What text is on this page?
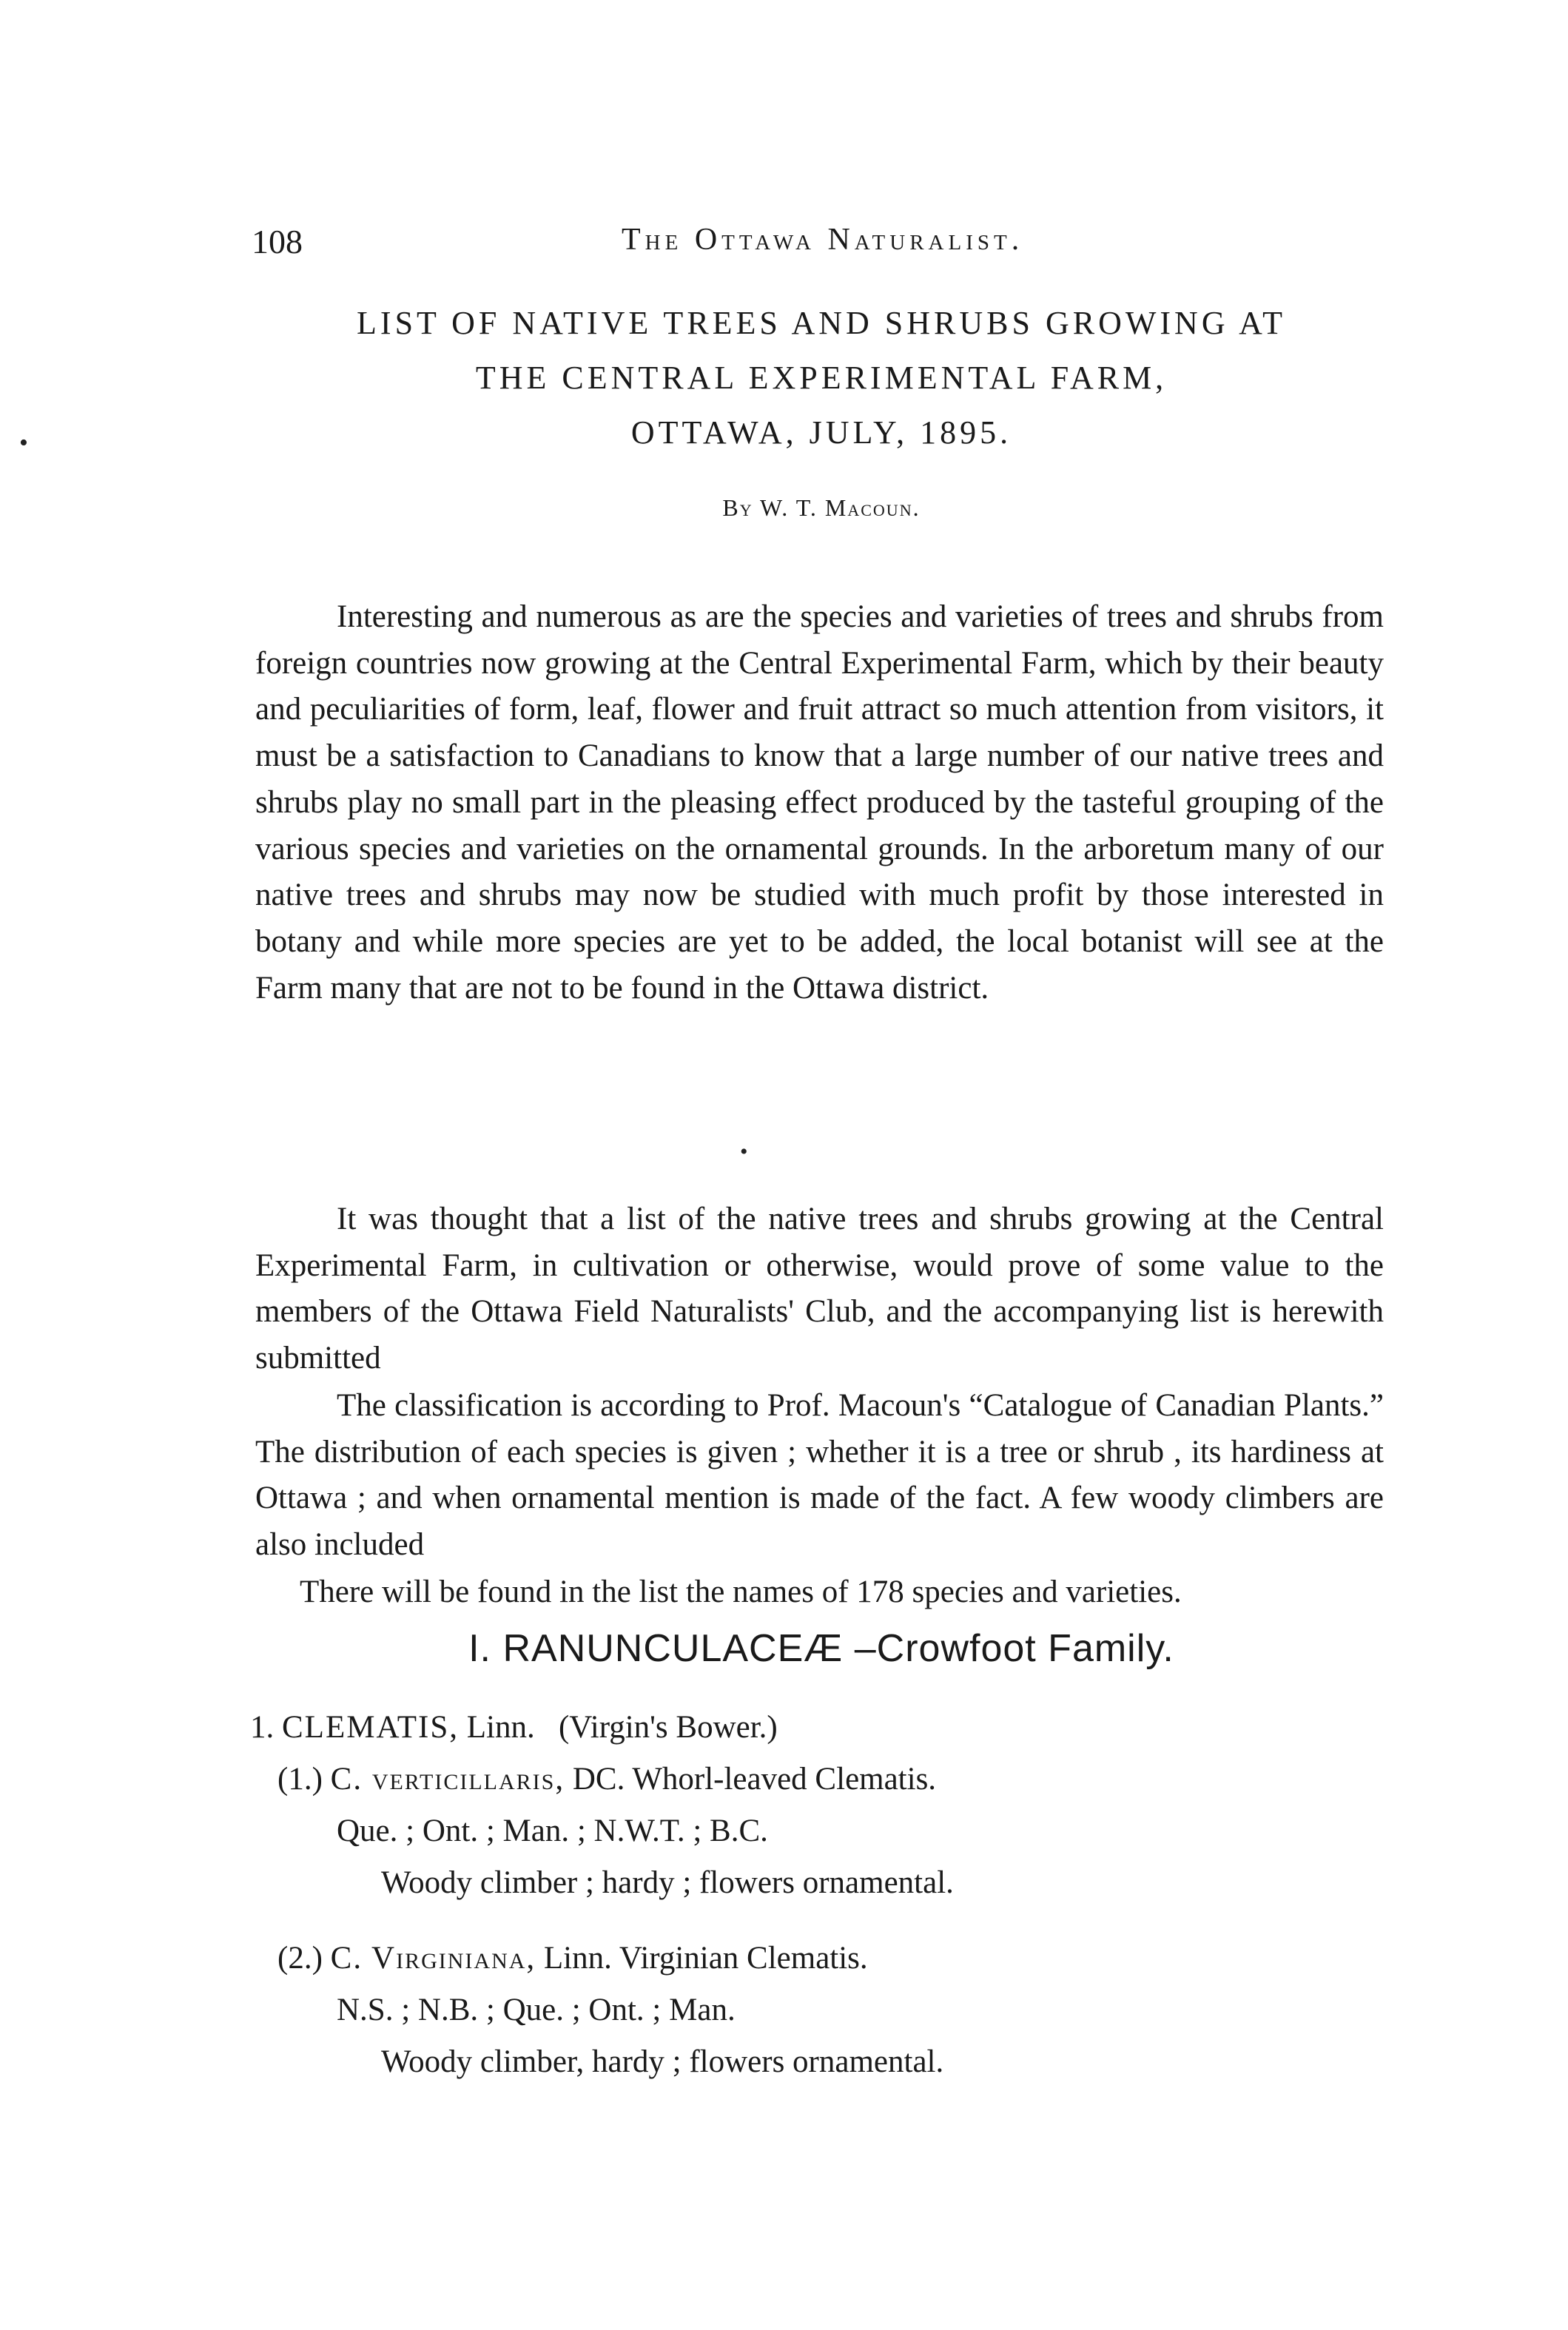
108	The Ottawa Naturalist.
LIST OF NATIVE TREES AND SHRUBS GROWING AT
THE CENTRAL EXPERIMENTAL FARM,
OTTAWA, JULY, 1895.
By W. T. Macoun.

Interesting and numerous as are the species and varieties of trees and shrubs from foreign countries now growing at the Central Experimental Farm, which by their beauty and peculiarities of form, leaf, flower and fruit attract so much attention from visitors, it must be a satisfaction to Canadians to know that a large number of our native trees and shrubs play no small part in the pleasing effect produced by the tasteful grouping of the various species and varieties on the ornamental grounds. In the arboretum many of our native trees and shrubs may now be studied with much profit by those interested in botany and while more species are yet to be added, the local botanist will see at the Farm many that are not to be found in the Ottawa district.

It was thought that a list of the native trees and shrubs growing at the Central Experimental Farm, in cultivation or otherwise, would prove of some value to the members of the Ottawa Field Naturalists' Club, and the accompanying list is herewith submitted

The classification is according to Prof. Macoun's “Catalogue of Canadian Plants.” The distribution of each species is given ; whether it is a tree or shrub , its hardiness at Ottawa ; and when ornamental mention is made of the fact. A few woody climbers are also included

There will be found in the list the names of 178 species and varieties.

I. RANUNCULACEÆ –Crowfoot Family.
1. CLEMATIS, Linn. (Virgin's Bower.)
(1.) C. verticillaris, DC. Whorl-leaved Clematis.
Que. ; Ont. ; Man. ; N.W.T. ; B.C.
Woody climber ; hardy ; flowers ornamental.
(2.) C. Virginiana, Linn. Virginian Clematis.
N.S. ; N.B. ; Que. ; Ont. ; Man.
Woody climber, hardy ; flowers ornamental.
•
•
